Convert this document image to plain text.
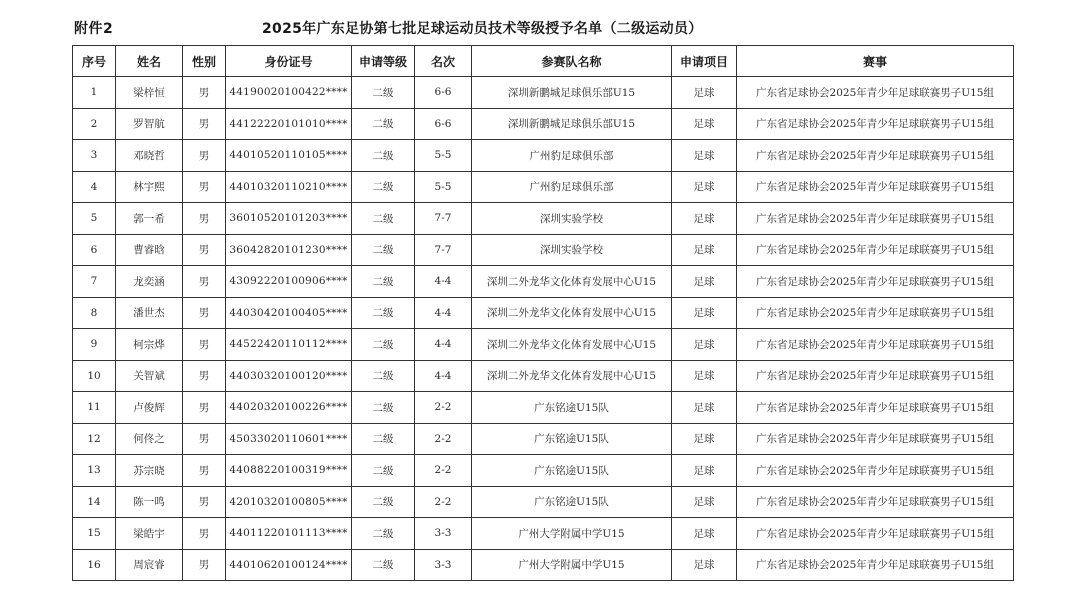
附件2	2025年广东足协第七批足球运动员技术等级授予名单（二级运动员）
序号	姓名	性别	身份证号	申请等级	名次	参赛队名称	申请项目	赛事
1	梁梓恒	男	44190020100422****	二级	6-6	深圳新鹏城足球俱乐部U15	足球	广东省足球协会2025年青少年足球联赛男子U15组
2	罗智航	男	44122220101010****	二级	6-6	深圳新鹏城足球俱乐部U15	足球	广东省足球协会2025年青少年足球联赛男子U15组
3	邓晓哲	男	44010520110105****	二级	5-5	广州豹足球俱乐部	足球	广东省足球协会2025年青少年足球联赛男子U15组
4	林宇熙	男	44010320110210****	二级	5-5	广州豹足球俱乐部	足球	广东省足球协会2025年青少年足球联赛男子U15组
5	郭一希	男	36010520101203****	二级	7-7	深圳实验学校	足球	广东省足球协会2025年青少年足球联赛男子U15组
6	曹睿晗	男	36042820101230****	二级	7-7	深圳实验学校	足球	广东省足球协会2025年青少年足球联赛男子U15组
7	龙奕涵	男	43092220100906****	二级	4-4	深圳二外龙华文化体育发展中心U15	足球	广东省足球协会2025年青少年足球联赛男子U15组
8	潘世杰	男	44030420100405****	二级	4-4	深圳二外龙华文化体育发展中心U15	足球	广东省足球协会2025年青少年足球联赛男子U15组
9	柯宗烨	男	44522420110112****	二级	4-4	深圳二外龙华文化体育发展中心U15	足球	广东省足球协会2025年青少年足球联赛男子U15组
10	关智斌	男	44030320100120****	二级	4-4	深圳二外龙华文化体育发展中心U15	足球	广东省足球协会2025年青少年足球联赛男子U15组
11	卢俊辉	男	44020320100226****	二级	2-2	广东铭途U15队	足球	广东省足球协会2025年青少年足球联赛男子U15组
12	何佟之	男	45033020110601****	二级	2-2	广东铭途U15队	足球	广东省足球协会2025年青少年足球联赛男子U15组
13	苏宗晓	男	44088220100319****	二级	2-2	广东铭途U15队	足球	广东省足球协会2025年青少年足球联赛男子U15组
14	陈一鸣	男	42010320100805****	二级	2-2	广东铭途U15队	足球	广东省足球协会2025年青少年足球联赛男子U15组
15	梁皓宇	男	44011220101113****	二级	3-3	广州大学附属中学U15	足球	广东省足球协会2025年青少年足球联赛男子U15组
16	周宸睿	男	44010620100124****	二级	3-3	广州大学附属中学U15	足球	广东省足球协会2025年青少年足球联赛男子U15组
